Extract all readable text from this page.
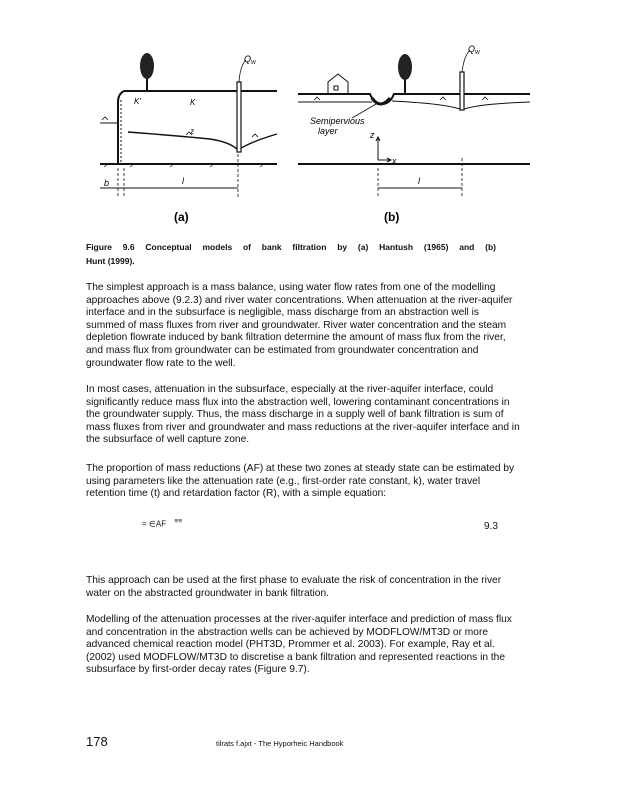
Q W
K'	K
b	l
z
(a)
Q W
Semipervious
layer	z
x
l
(b)
Figure 9.6 Conceptual models of bank filtration by (a) Hantush (1965) and (b)
Hunt (1999).

The simplest approach is a mass balance, using water flow rates from one of the modelling approaches above (9.2.3) and river water concentrations. When attenuation at the river-aquifer interface and in the subsurface is negligible, mass discharge from an abstraction well is summed of mass fluxes from river and groundwater. River water concentration and the steam depletion flowrate induced by bank filtration determine the amount of mass flux from the river, and mass flux from groundwater can be estimated from groundwater concentration and groundwater flow rate to the well.

In most cases, attenuation in the subsurface, especially at the river-aquifer interface, could significantly reduce mass flux into the abstraction well, lowering contaminant concentrations in the groundwater supply. Thus, the mass discharge in a supply well of bank filtration is sum of mass fluxes from river and groundwater and mass reductions at the river-aquifer interface and in the subsurface of well capture zone.

The proportion of mass reductions (AF) at these two zones at steady state can be estimated by using parameters like the attenuation rate (e.g., first-order rate constant, k), water travel retention time (t) and retardation factor (R), with a simple equation:

= ∈AF ≡≡	9.3

This approach can be used at the first phase to evaluate the risk of concentration in the river water on the abstracted groundwater in bank filtration.

Modelling of the attenuation processes at the river-aquifer interface and prediction of mass flux and concentration in the abstraction wells can be achieved by MODFLOW/MT3D or more advanced chemical reaction model (PHT3D, Prommer et al. 2003). For example, Ray et al. (2002) used MODFLOW/MT3D to discretise a bank filtration and represented reactions in the subsurface by first-order decay rates (Figure 9.7).

178	tilrats f.ajxt - The Hyporheic Handbook
